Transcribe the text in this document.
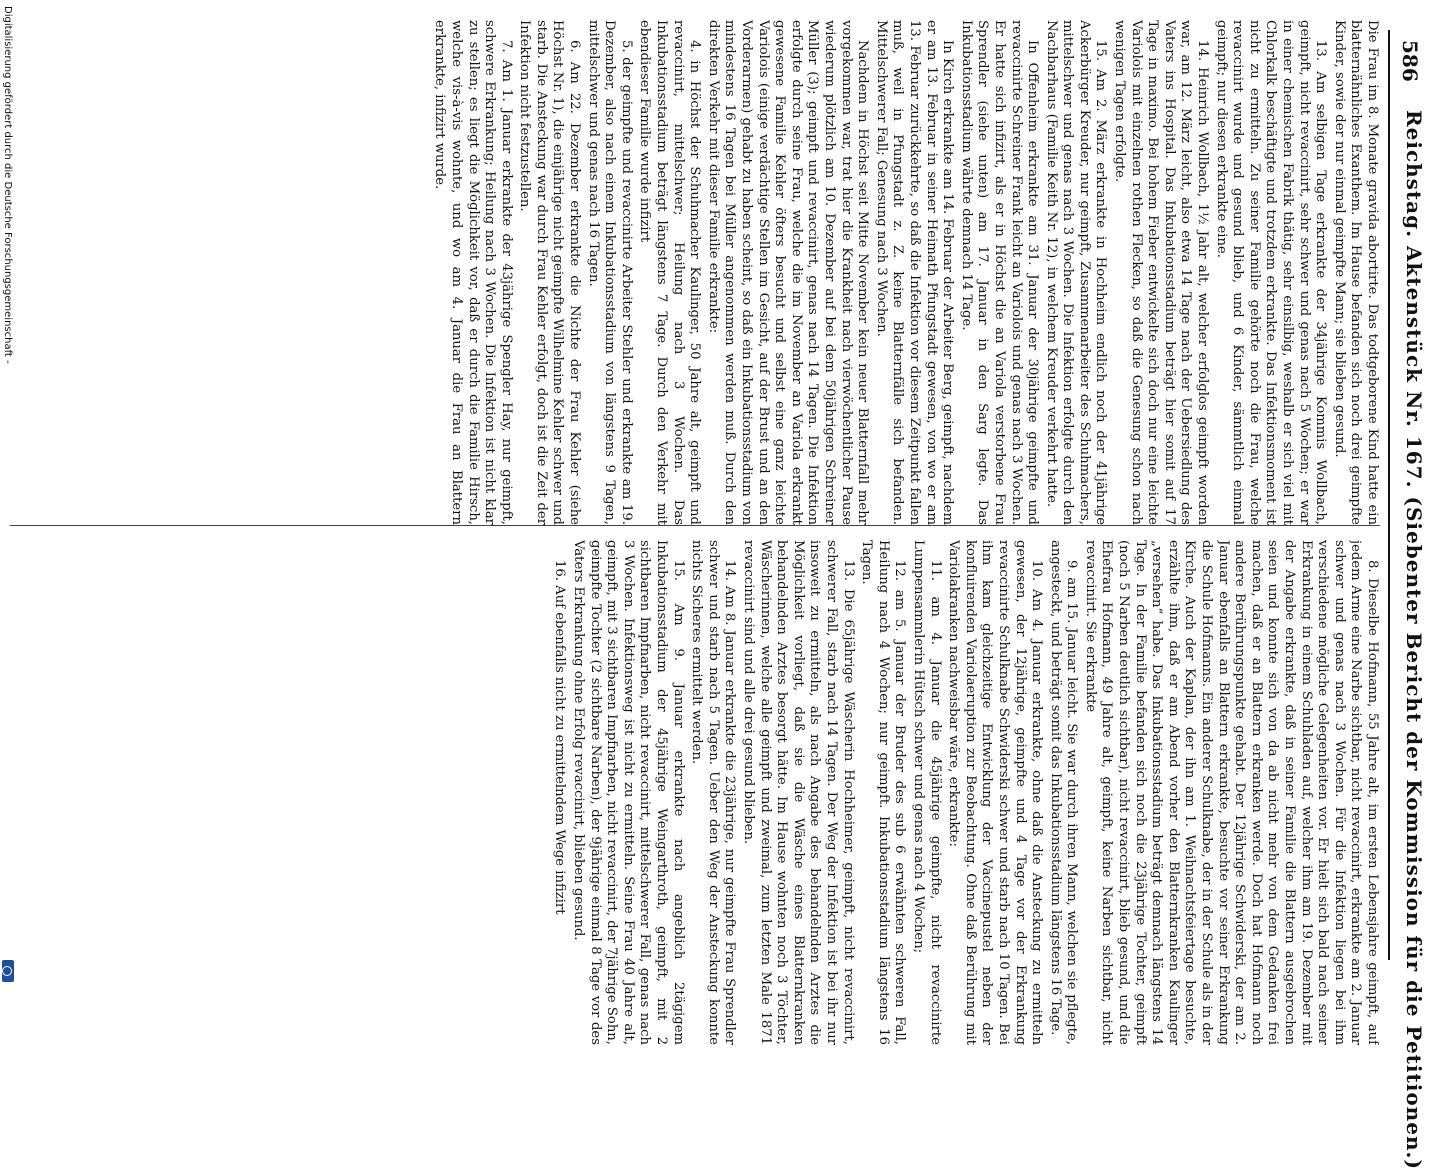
586
Reichstag. Aktenstück Nr. 167. (Siebenter Bericht der Kommission für die Petitionen.)

Die Frau im 8. Monate gravida abortirte. Das todtgeborene Kind hatte ein blatternähnliches Exanthem. Im Hause befanden sich noch drei geimpfte Kinder, sowie der nur einmal geimpfte Mann; sie blieben gesund.

13. Am selbigen Tage erkrankte der 34jährige Kommis Wollbach, geimpft, nicht revaccinirt, sehr schwer und genas nach 5 Wochen; er war in einer chemischen Fabrik thätig, sehr einsilbig, weshalb er sich viel mit Chlorkalk beschäftigte und trotzdem erkrankte. Das Infektionsmoment ist nicht zu ermitteln. Zu seiner Familie gehörte noch die Frau, welche revaccinirt wurde und gesund blieb, und 6 Kinder, sämmtlich einmal geimpft; nur diesen erkrankte eine.

14. Heinrich Wollbach, 1½ Jahr alt, welcher erfolglos geimpft worden war, am 12. März leicht, also etwa 14 Tage nach der Uebersiedlung des Vaters ins Hospital. Das Inkubationsstadium beträgt hier somit auf 17 Tage in maximo. Bei hohem Fieber entwickelte sich doch nur eine leichte Variolois mit einzelnen rothen Flecken, so daß die Genesung schon nach wenigen Tagen erfolgte.

15. Am 2. März erkrankte in Hochheim endlich noch der 41jährige Ackerbürger Kreuder, nur geimpft, Zusammenarbeiter des Schuhmachers, mittelschwer und genas nach 3 Wochen. Die Infektion erfolgte durch den Nachbarhaus (Familie Keith Nr. 12), in welchem Kreuder verkehrt hatte.

In Offenheim erkrankte am 31. Januar der 30jährige geimpfte und revaccinirte Schreiner Frank leicht an Variolois und genas nach 3 Wochen. Er hatte sich infizirt, als er in Höchst die an Variola verstorbene Frau Sprendler (siehe unten) am 17. Januar in den Sarg legte. Das Inkubationsstadium währte demnach 14 Tage.

In Kirch erkrankte am 14. Februar der Arbeiter Berg, geimpft, nachdem er am 13. Februar in seiner Heimath Pfungstadt gewesen, von wo er am 13. Februar zurückkehrte, so daß die Infektion vor diesem Zeitpunkt fallen muß, weil in Pfungstadt z. Z. keine Blatternfälle sich befanden. Mittelschwerer Fall; Genesung nach 3 Wochen.

Nachdem in Höchst seit Mitte November kein neuer Blatternfall mehr vorgekommen war, trat hier die Krankheit nach vierwöchentlicher Pause wiederum plötzlich am 10. Dezember auf bei dem 50jährigen Schreiner Müller (3); geimpft und revaccinirt, genas nach 14 Tagen. Die Infektion erfolgte durch seine Frau, welche die im November an Variola erkrankt gewesene Familie Kehler öfters besucht und selbst eine ganz leichte Variolois (einige verdächtige Stellen im Gesicht, auf der Brust und an den Vorderarmen) gehabt zu haben scheint, so daß ein Inkubationsstadium von mindestens 16 Tagen bei Müller angenommen werden muß. Durch den direkten Verkehr mit dieser Familie erkrankte:

4. in Höchst der Schuhmacher Kaulinger, 50 Jahre alt, geimpft und revaccinirt, mittelschwer; Heilung nach 3 Wochen. Das Inkubationsstadium beträgt längstens 7 Tage. Durch den Verkehr mit ebendieser Familie wurde infizirt

5. der geimpfte und revaccinirte Arbeiter Stehler und erkrankte am 19. Dezember, also nach einem Inkubationsstadium von längstens 9 Tagen, mittelschwer und genas nach 16 Tagen.

6. Am 22. Dezember erkrankte die Nichte der Frau Kehler (siehe Höchst Nr. 1), die einjährige nicht geimpfte Wilhelmine Kehler schwer und starb. Die Ansteckung war durch Frau Kehler erfolgt, doch ist die Zeit der Infektion nicht festzustellen.

7. Am 1. Januar erkrankte der 43jährige Spengler Hay, nur geimpft, schwere Erkrankung; Heilung nach 3 Wochen. Die Infektion ist nicht klar zu stellen; es liegt die Möglichkeit vor, daß er durch die Familie Hirsch, welche vis-à-vis wohnte, und wo am 4. Januar die Frau an Blattern erkrankte, infizirt wurde.

8. Dieselbe Hofmann, 55 Jahre alt, im ersten Lebensjahre geimpft, auf jedem Arme eine Narbe sichtbar, nicht revaccinirt, erkrankte am 2. Januar schwer und genas nach 3 Wochen. Für die Infektion liegen bei ihm verschiedene mögliche Gelegenheiten vor. Er hielt sich bald nach seiner Erkrankung in einem Schuhladen auf, welcher ihm am 19. Dezember mit der Angabe erkrankte, daß in seiner Familie die Blattern ausgebrochen seien und konnte sich von da ab nicht mehr von dem Gedanken frei machen, daß er an Blattern erkranken werde. Doch hat Hofmann noch andere Berührungspunkte gehabt. Der 12jährige Schwiderski, der am 2. Januar ebenfalls an Blattern erkrankte, besuchte vor seiner Erkrankung die Schule Hofmanns. Ein anderer Schulknabe, der in der Schule als in der Kirche. Auch der Kaplan, der ihn am 1. Weihnachtsfeiertage besuchte, erzählte ihm, daß er am Abend vorher den Blatternkranken Kaulinger „versehen“ habe. Das Inkubationsstadium beträgt demnach längstens 14 Tage. In der Familie befanden sich noch die 23jährige Tochter, geimpft (noch 5 Narben deutlich sichtbar), nicht revaccinirt, blieb gesund, und die Ehefrau Hofmann, 49 Jahre alt, geimpft, keine Narben sichtbar, nicht revaccinirt. Sie erkrankte

9. am 15. Januar leicht. Sie war durch ihren Mann, welchen sie pflegte, angesteckt, und beträgt somit das Inkubationsstadium längstens 16 Tage.

10. Am 4. Januar erkrankte, ohne daß die Ansteckung zu ermitteln gewesen, der 12jährige, geimpfte und 4 Tage vor der Erkrankung revaccinirte Schulknabe Schwiderski schwer und starb nach 10 Tagen. Bei ihm kam gleichzeitige Entwicklung der Vaccinepustel neben der konfluirenden Variolaeruption zur Beobachtung. Ohne daß Berührung mit Variolakranken nachweisbar wäre, erkrankte:

11. am 4. Januar die 45jährige geimpfte, nicht revaccinirte Lumpensammlerin Hütsch schwer und genas nach 4 Wochen;

12. am 5. Januar der Bruder des sub 6 erwähnten schweren Fall, Heilung nach 4 Wochen; nur geimpft. Inkubationsstadium längstens 16 Tagen.

13. Die 65jährige Wäscherin Hochheimer, geimpft, nicht revaccinirt, schwerer Fall, starb nach 14 Tagen. Der Weg der Infektion ist bei ihr nur insoweit zu ermitteln, als nach Angabe des behandelnden Arztes die Möglichkeit vorliegt, daß sie die Wäsche eines Blatternkranken behandelnden Arztes besorgt hätte. Im Hause wohnten noch 3 Töchter, Wäscherinnen, welche alle geimpft und zweimal, zum letzten Male 1871 revaccinirt sind und alle drei gesund blieben.

14. Am 8. Januar erkrankte die 23jährige, nur geimpfte Frau Sprendler schwer und starb nach 5 Tagen. Ueber den Weg der Ansteckung konnte nichts Sicheres ermittelt werden.

15. Am 9. Januar erkrankte nach angeblich 2tägigem Inkubationsstadium der 45jährige Weingarthroth, geimpft, mit 2 sichtbaren Impfnarben, nicht revaccinirt, mittelschwerer Fall, genas nach 3 Wochen. Infektionsweg ist nicht zu ermitteln. Seine Frau 40 Jahre alt, geimpft, mit 3 sichtbaren Impfnarben, nicht revaccinirt, der 7jährige Sohn, geimpfte Tochter (2 sichtbare Narben), der 9jährige einmal 8 Tage vor des Vaters Erkrankung ohne Erfolg revaccinirt, blieben gesund.

16. Auf ebenfalls nicht zu ermittelndem Wege infizirt

Digitalisierung gefördert durch die Deutsche Forschungsgemeinschaft -
